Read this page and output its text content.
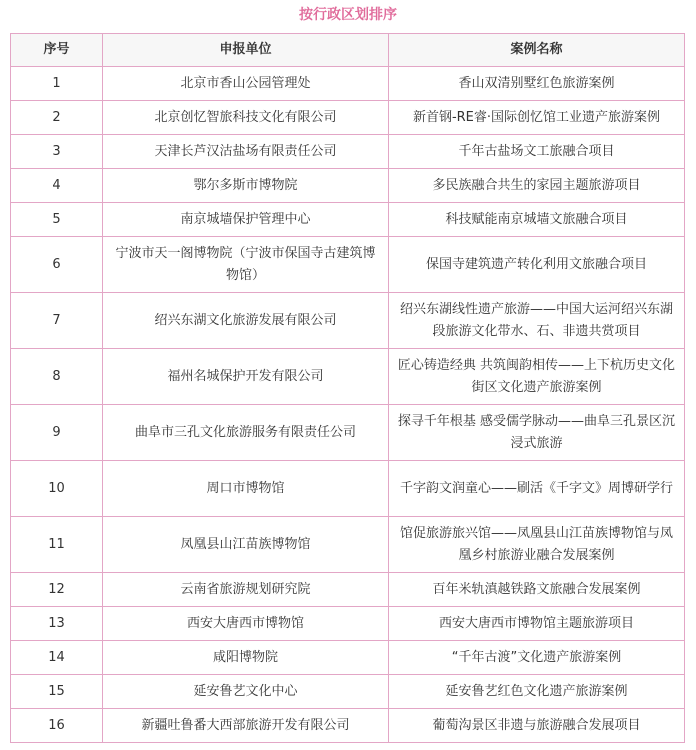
按行政区划排序
序号	申报单位	案例名称
1	北京市香山公园管理处	香山双清别墅红色旅游案例
2	北京创忆智旅科技文化有限公司	新首钢-RE睿·国际创忆馆工业遗产旅游案例
3	天津长芦汉沽盐场有限责任公司	千年古盐场文工旅融合项目
4	鄂尔多斯市博物院	多民族融合共生的家园主题旅游项目
5	南京城墙保护管理中心	科技赋能南京城墙文旅融合项目
6	宁波市天一阁博物院（宁波市保国寺古建筑博物馆）	保国寺建筑遗产转化利用文旅融合项目
7	绍兴东湖文化旅游发展有限公司	绍兴东湖线性遗产旅游——中国大运河绍兴东湖段旅游文化带水、石、非遗共赏项目
8	福州名城保护开发有限公司	匠心铸造经典 共筑闽韵相传——上下杭历史文化街区文化遗产旅游案例
9	曲阜市三孔文化旅游服务有限责任公司	探寻千年根基 感受儒学脉动——曲阜三孔景区沉浸式旅游
10	周口市博物馆	千字韵文润童心——刷活《千字文》周博研学行
11	凤凰县山江苗族博物馆	馆促旅游旅兴馆——凤凰县山江苗族博物馆与凤凰乡村旅游业融合发展案例
12	云南省旅游规划研究院	百年米轨滇越铁路文旅融合发展案例
13	西安大唐西市博物馆	西安大唐西市博物馆主题旅游项目
14	咸阳博物院	“千年古渡”文化遗产旅游案例
15	延安鲁艺文化中心	延安鲁艺红色文化遗产旅游案例
16	新疆吐鲁番大西部旅游开发有限公司	葡萄沟景区非遗与旅游融合发展项目
